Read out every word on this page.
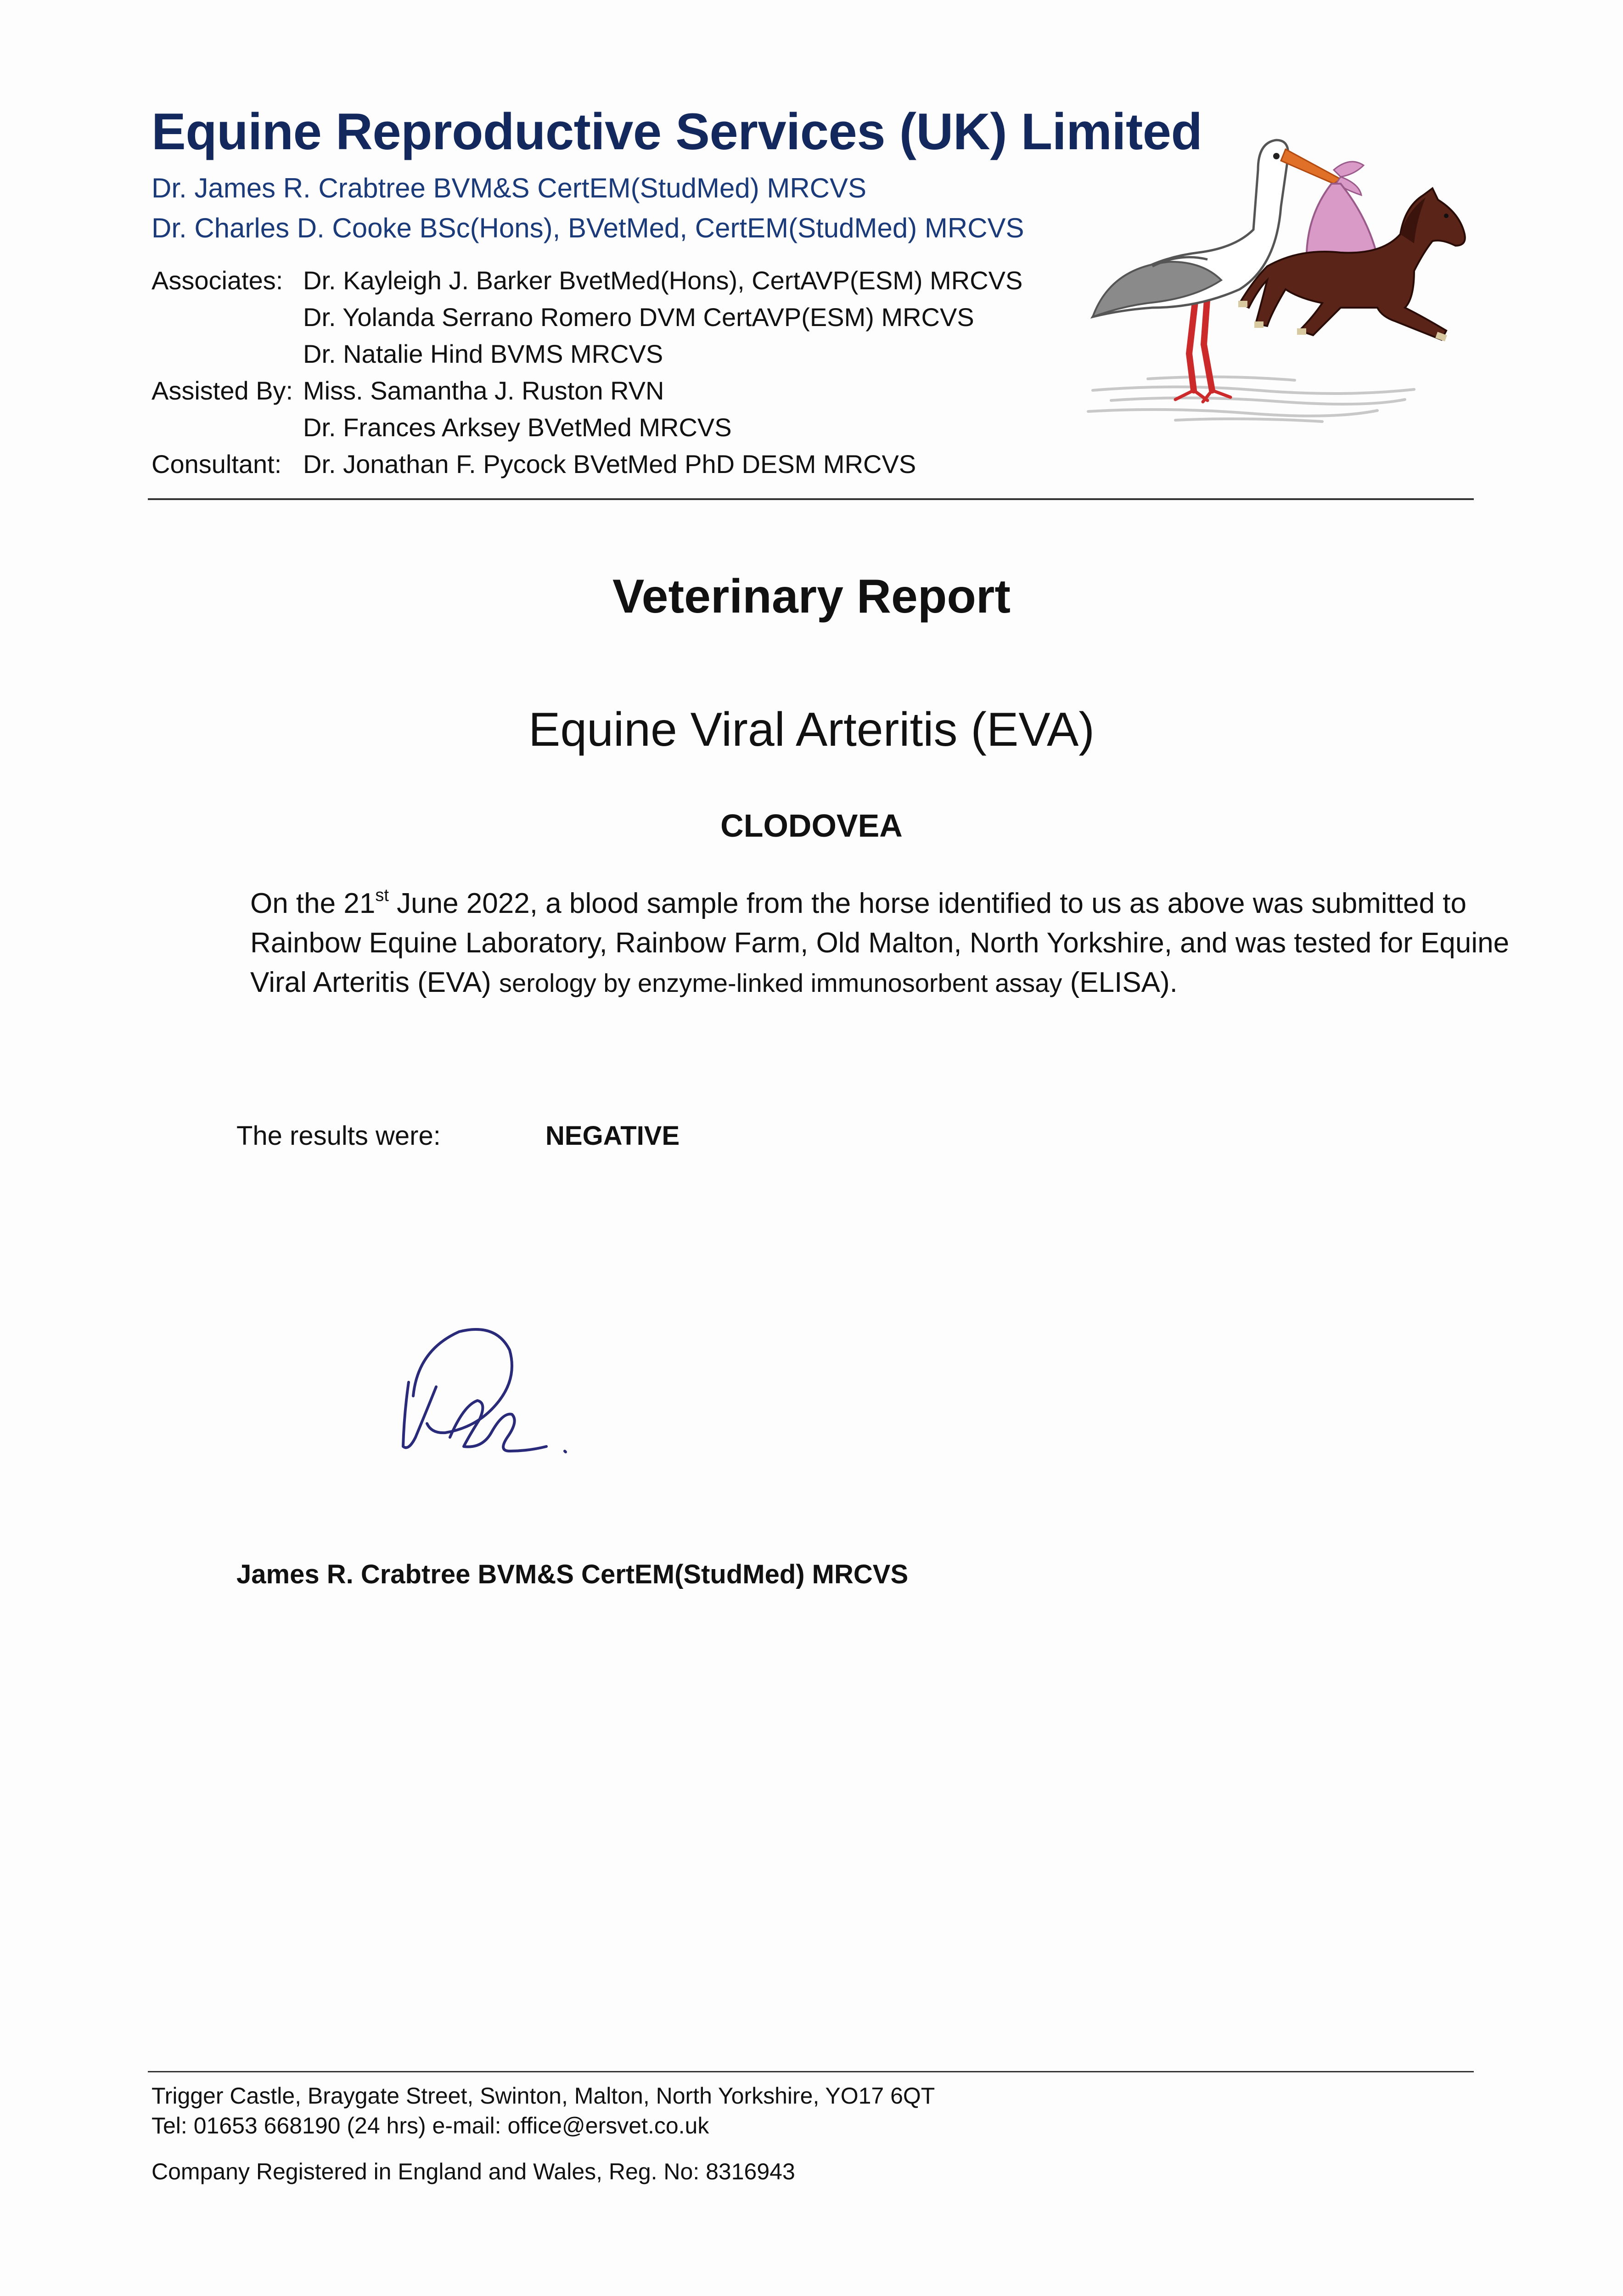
Equine Reproductive Services (UK) Limited
Dr. James R. Crabtree BVM&S CertEM(StudMed) MRCVS
Dr. Charles D. Cooke BSc(Hons), BVetMed, CertEM(StudMed) MRCVS
Associates: Dr. Kayleigh J. Barker BvetMed(Hons), CertAVP(ESM) MRCVS
Dr. Yolanda Serrano Romero DVM CertAVP(ESM) MRCVS
Dr. Natalie Hind BVMS MRCVS
Assisted By: Miss. Samantha J. Ruston RVN
Dr. Frances Arksey BVetMed MRCVS
Consultant: Dr. Jonathan F. Pycock BVetMed PhD DESM MRCVS
Veterinary Report
Equine Viral Arteritis (EVA)
CLODOVEA
On the 21st June 2022, a blood sample from the horse identified to us as above was submitted to Rainbow Equine Laboratory, Rainbow Farm, Old Malton, North Yorkshire, and was tested for Equine Viral Arteritis (EVA) serology by enzyme-linked immunosorbent assay (ELISA).
The results were:	NEGATIVE
James R. Crabtree BVM&S CertEM(StudMed) MRCVS
Trigger Castle, Braygate Street, Swinton, Malton, North Yorkshire, YO17 6QT
Tel: 01653 668190 (24 hrs) e-mail: office@ersvet.co.uk
Company Registered in England and Wales, Reg. No: 8316943
